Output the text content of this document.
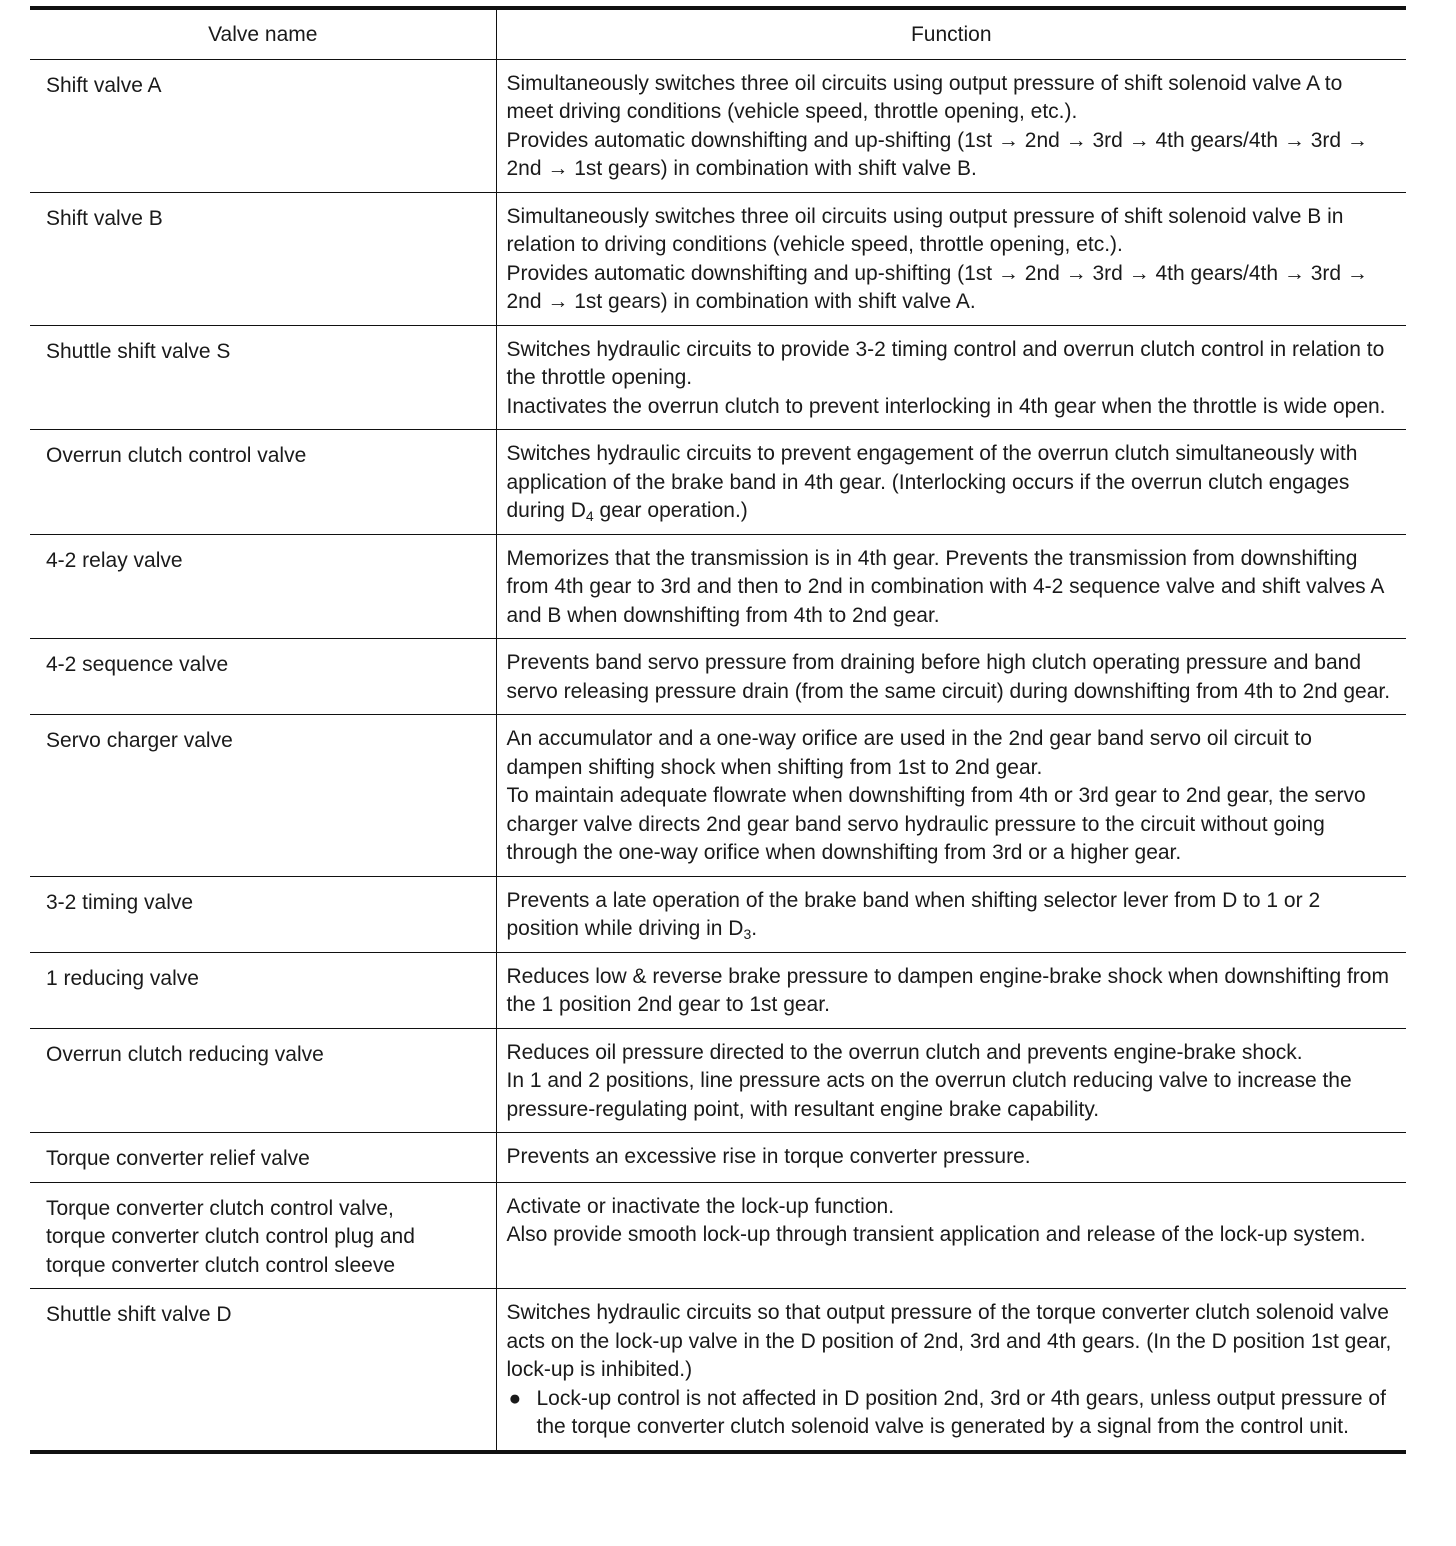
Valve name	Function
Shift valve A	Simultaneously switches three oil circuits using output pressure of shift solenoid valve A to meet driving conditions (vehicle speed, throttle opening, etc.).
Provides automatic downshifting and up-shifting (1st → 2nd → 3rd → 4th gears/4th → 3rd → 2nd → 1st gears) in combination with shift valve B.
Shift valve B	Simultaneously switches three oil circuits using output pressure of shift solenoid valve B in relation to driving conditions (vehicle speed, throttle opening, etc.).
Provides automatic downshifting and up-shifting (1st → 2nd → 3rd → 4th gears/4th → 3rd → 2nd → 1st gears) in combination with shift valve A.
Shuttle shift valve S	Switches hydraulic circuits to provide 3-2 timing control and overrun clutch control in relation to the throttle opening.
Inactivates the overrun clutch to prevent interlocking in 4th gear when the throttle is wide open.
Overrun clutch control valve	Switches hydraulic circuits to prevent engagement of the overrun clutch simultaneously with application of the brake band in 4th gear. (Interlocking occurs if the overrun clutch engages during $D_4$ gear operation.)
4-2 relay valve	Memorizes that the transmission is in 4th gear. Prevents the transmission from downshifting from 4th gear to 3rd and then to 2nd in combination with 4-2 sequence valve and shift valves A and B when downshifting from 4th to 2nd gear.
4-2 sequence valve	Prevents band servo pressure from draining before high clutch operating pressure and band servo releasing pressure drain (from the same circuit) during downshifting from 4th to 2nd gear.
Servo charger valve	An accumulator and a one-way orifice are used in the 2nd gear band servo oil circuit to dampen shifting shock when shifting from 1st to 2nd gear.
To maintain adequate flowrate when downshifting from 4th or 3rd gear to 2nd gear, the servo charger valve directs 2nd gear band servo hydraulic pressure to the circuit without going through the one-way orifice when downshifting from 3rd or a higher gear.
3-2 timing valve	Prevents a late operation of the brake band when shifting selector lever from D to 1 or 2 position while driving in $D_3$.
1 reducing valve	Reduces low & reverse brake pressure to dampen engine-brake shock when downshifting from the 1 position 2nd gear to 1st gear.
Overrun clutch reducing valve	Reduces oil pressure directed to the overrun clutch and prevents engine-brake shock.
In 1 and 2 positions, line pressure acts on the overrun clutch reducing valve to increase the pressure-regulating point, with resultant engine brake capability.
Torque converter relief valve	Prevents an excessive rise in torque converter pressure.
Torque converter clutch control valve,
torque converter clutch control plug and
torque converter clutch control sleeve	Activate or inactivate the lock-up function.
Also provide smooth lock-up through transient application and release of the lock-up system.
Shuttle shift valve D	Switches hydraulic circuits so that output pressure of the torque converter clutch solenoid valve acts on the lock-up valve in the D position of 2nd, 3rd and 4th gears. (In the D position 1st gear, lock-up is inhibited.)
● Lock-up control is not affected in D position 2nd, 3rd or 4th gears, unless output pressure of the torque converter clutch solenoid valve is generated by a signal from the control unit.
